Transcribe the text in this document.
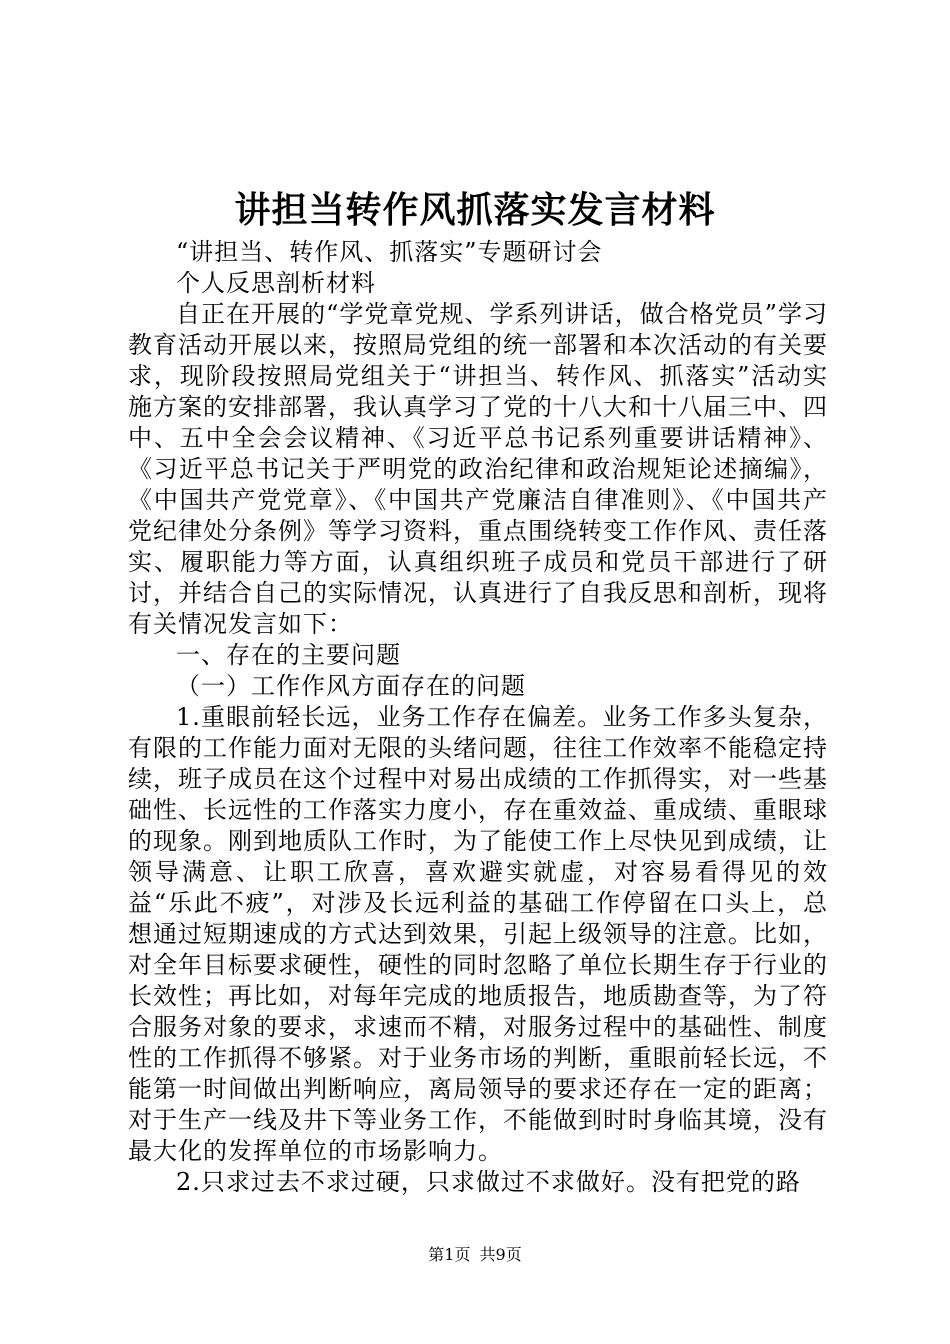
讲担当转作风抓落实发言材料

“讲担当、转作风、抓落实”专题研讨会

个人反思剖析材料

自正在开展的“学党章党规、学系列讲话，做合格党员”学习教育活动开展以来，按照局党组的统一部署和本次活动的有关要求，现阶段按照局党组关于“讲担当、转作风、抓落实”活动实施方案的安排部署，我认真学习了党的十八大和十八届三中、四中、五中全会会议精神、《习近平总书记系列重要讲话精神》、《习近平总书记关于严明党的政治纪律和政治规矩论述摘编》，《中国共产党党章》、《中国共产党廉洁自律准则》、《中国共产党纪律处分条例》等学习资料，重点围绕转变工作作风、责任落实、履职能力等方面，认真组织班子成员和党员干部进行了研讨，并结合自己的实际情况，认真进行了自我反思和剖析，现将有关情况发言如下：

一、存在的主要问题

（一）工作作风方面存在的问题

1.重眼前轻长远，业务工作存在偏差。业务工作多头复杂，有限的工作能力面对无限的头绪问题，往往工作效率不能稳定持续，班子成员在这个过程中对易出成绩的工作抓得实，对一些基础性、长远性的工作落实力度小，存在重效益、重成绩、重眼球的现象。刚到地质队工作时，为了能使工作上尽快见到成绩，让领导满意、让职工欣喜，喜欢避实就虚，对容易看得见的效益“乐此不疲”，对涉及长远利益的基础工作停留在口头上，总想通过短期速成的方式达到效果，引起上级领导的注意。比如，对全年目标要求硬性，硬性的同时忽略了单位长期生存于行业的长效性；再比如，对每年完成的地质报告，地质勘查等，为了符合服务对象的要求，求速而不精，对服务过程中的基础性、制度性的工作抓得不够紧。对于业务市场的判断，重眼前轻长远，不能第一时间做出判断响应，离局领导的要求还存在一定的距离；对于生产一线及井下等业务工作，不能做到时时身临其境，没有最大化的发挥单位的市场影响力。

2.只求过去不求过硬，只求做过不求做好。没有把党的路

第1页 共9页
